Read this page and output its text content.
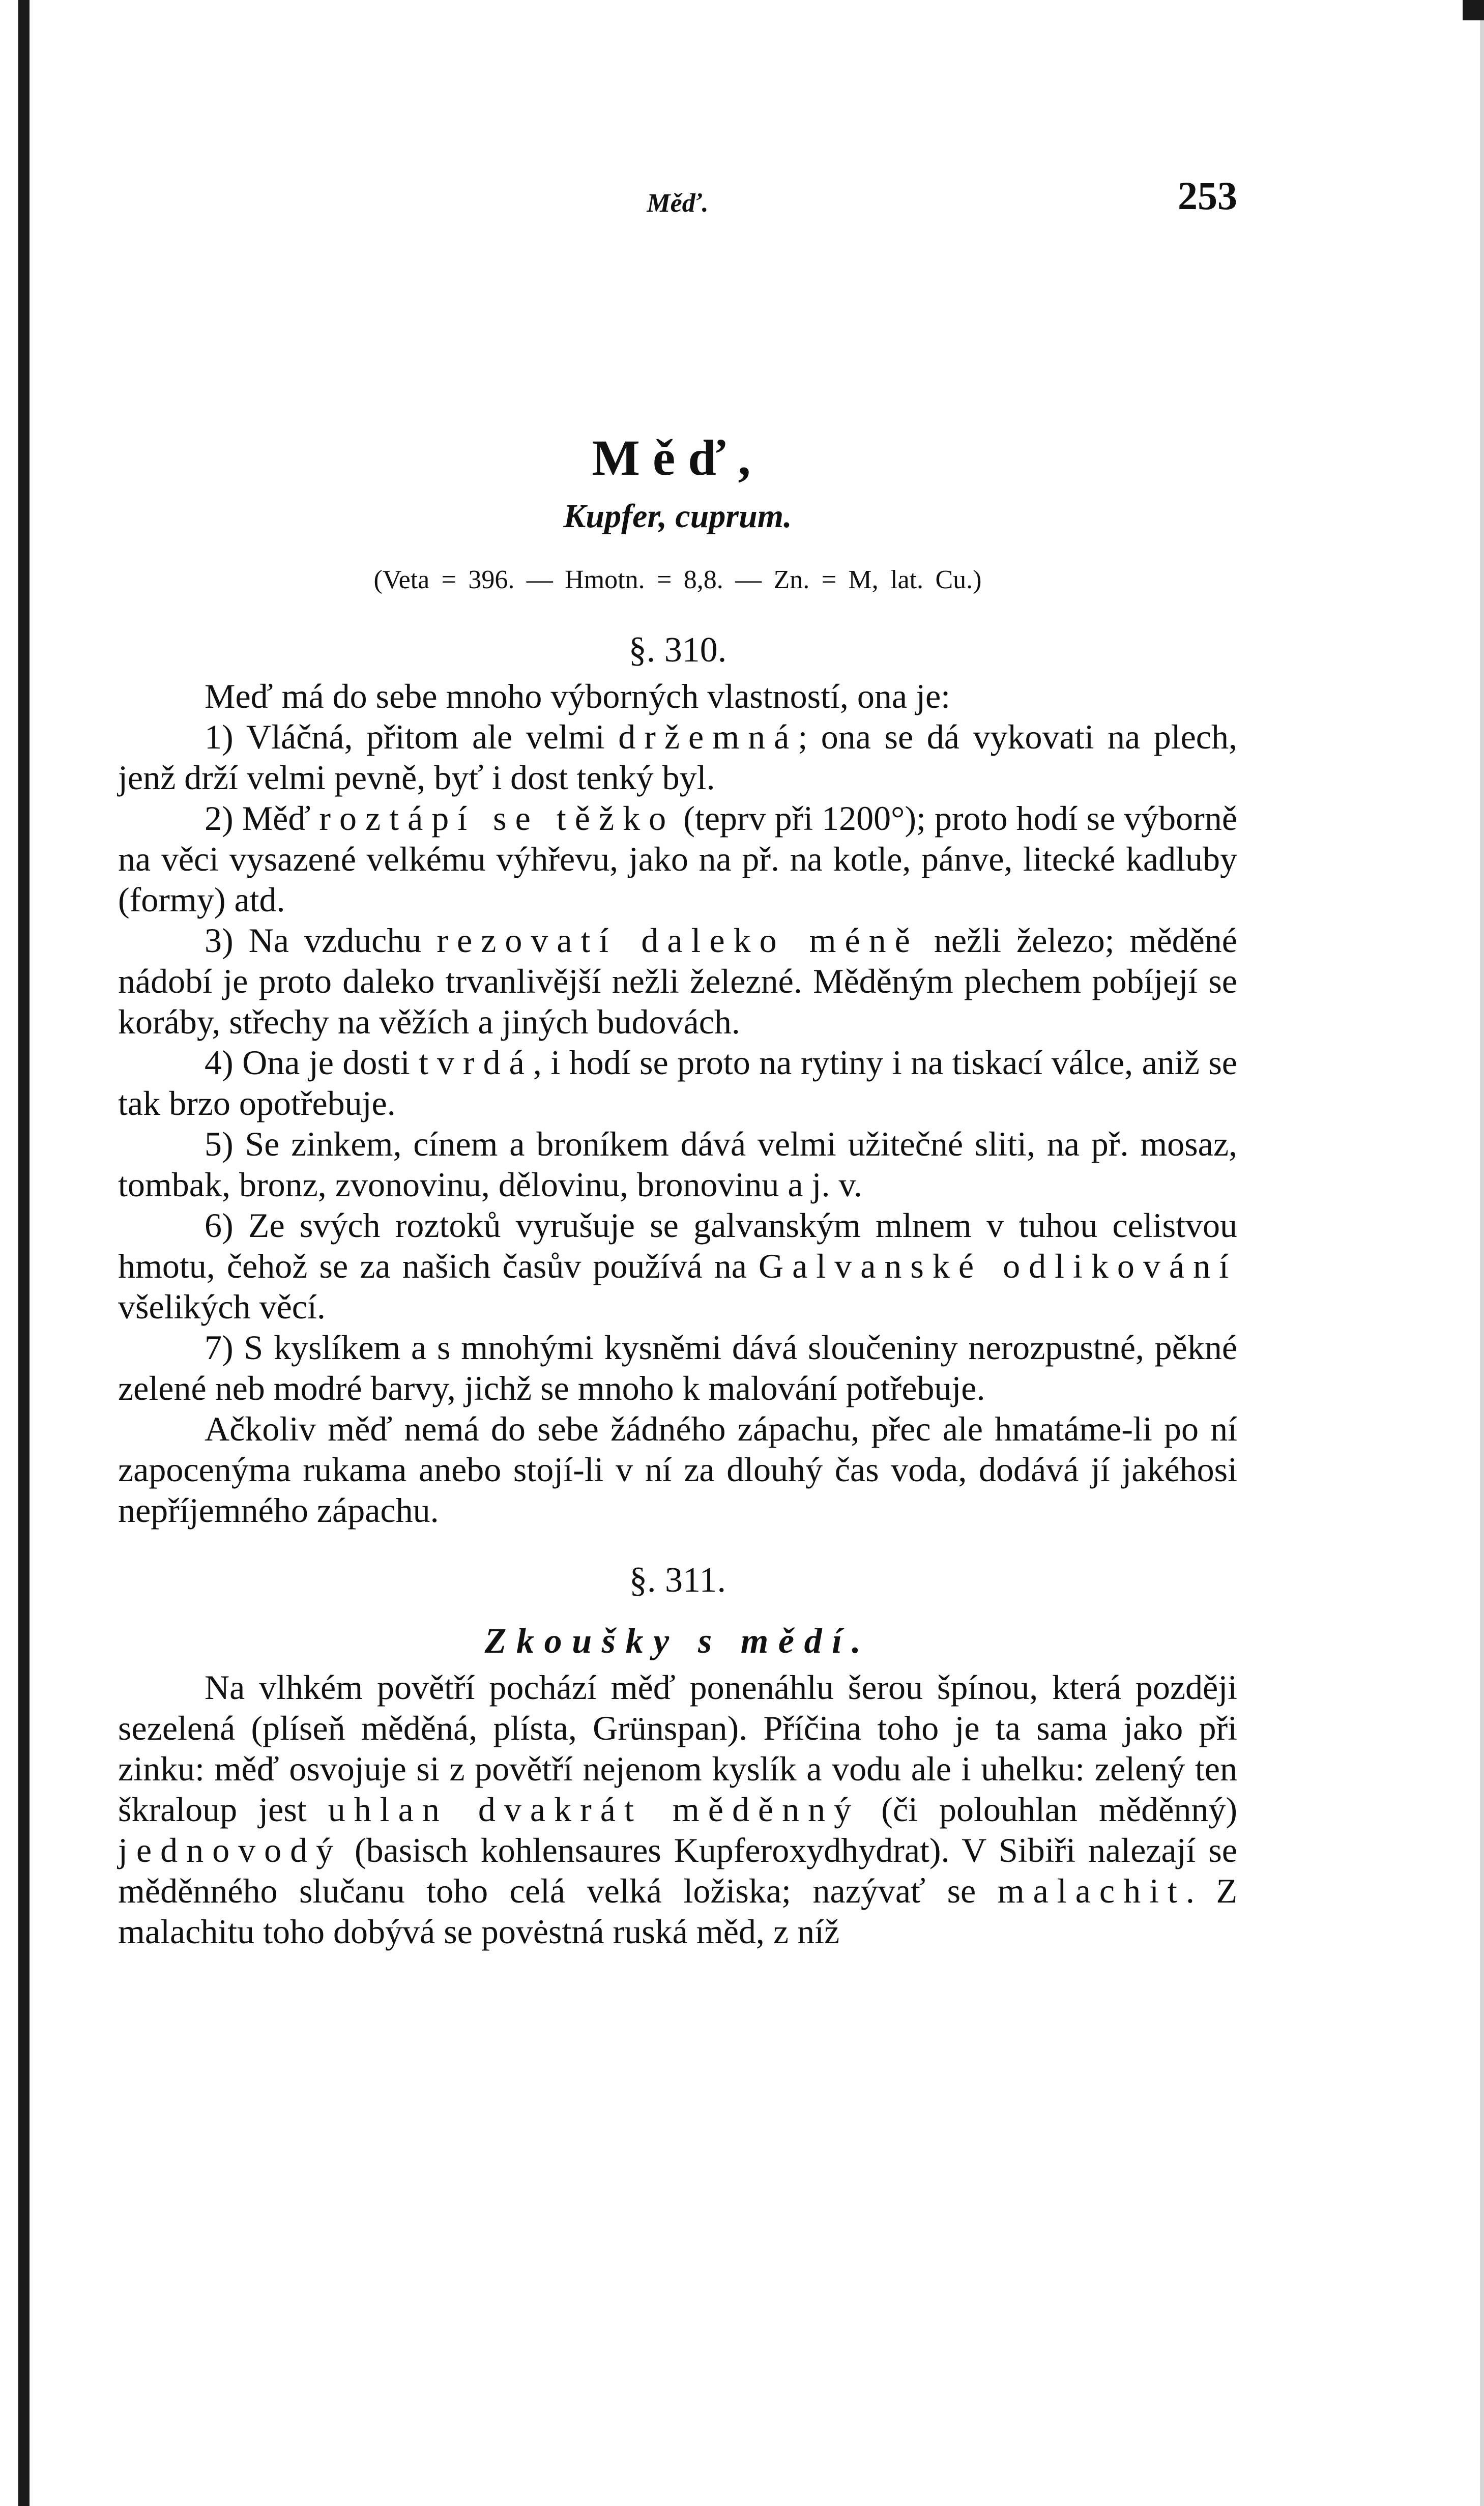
Měď.	253
Měď,
Kupfer, cuprum.
(Veta = 396. — Hmotn. = 8,8. — Zn. = M, lat. Cu.)
§. 310.

Meď má do sebe mnoho výborných vlastností, ona je:

1) Vláčná, přitom ale velmi držemná; ona se dá vykovati na plech, jenž drží velmi pevně, byť i dost tenký byl.

2) Měď roztápí se těžko (teprv při 1200°); proto hodí se výborně na věci vysazené velkému výhřevu, jako na př. na kotle, pánve, litecké kadluby (formy) atd.

3) Na vzduchu rezovatí daleko méně nežli železo; měděné nádobí je proto daleko trvanlivější nežli železné. Měděným plechem pobíjejí se koráby, střechy na věžích a jiných budovách.

4) Ona je dosti tvrdá, i hodí se proto na rytiny i na tiskací válce, aniž se tak brzo opotřebuje.

5) Se zinkem, cínem a broníkem dává velmi užitečné sliti, na př. mosaz, tombak, bronz, zvonovinu, dělovinu, bronovinu a j. v.

6) Ze svých roztoků vyrušuje se galvanským mlnem v tuhou celistvou hmotu, čehož se za našich časův používá na Galvanské odlikování všelikých věcí.

7) S kyslíkem a s mnohými kysněmi dává sloučeniny nerozpustné, pěkné zelené neb modré barvy, jichž se mnoho k malování potřebuje.

Ačkoliv měď nemá do sebe žádného zápachu, přec ale hmatáme-li po ní zapocenýma rukama anebo stojí-li v ní za dlouhý čas voda, dodává jí jakéhosi nepříjemného zápachu.

§. 311.
Zkoušky s mědí.

Na vlhkém povětří pochází měď ponenáhlu šerou špínou, která později sezelená (plíseň měděná, plísta, Grünspan). Příčina toho je ta sama jako při zinku: měď osvojuje si z povětří nejenom kyslík a vodu ale i uhelku: zelený ten škraloup jest uhlan dvakrát měděnný (či polouhlan měděnný) jednovodý (basisch kohlensaures Kupferoxydhydrat). V Sibiři nalezají se měděnného slučanu toho celá velká ložiska; nazývať se malachit. Z malachitu toho dobývá se povėstná ruská měd, z níž
